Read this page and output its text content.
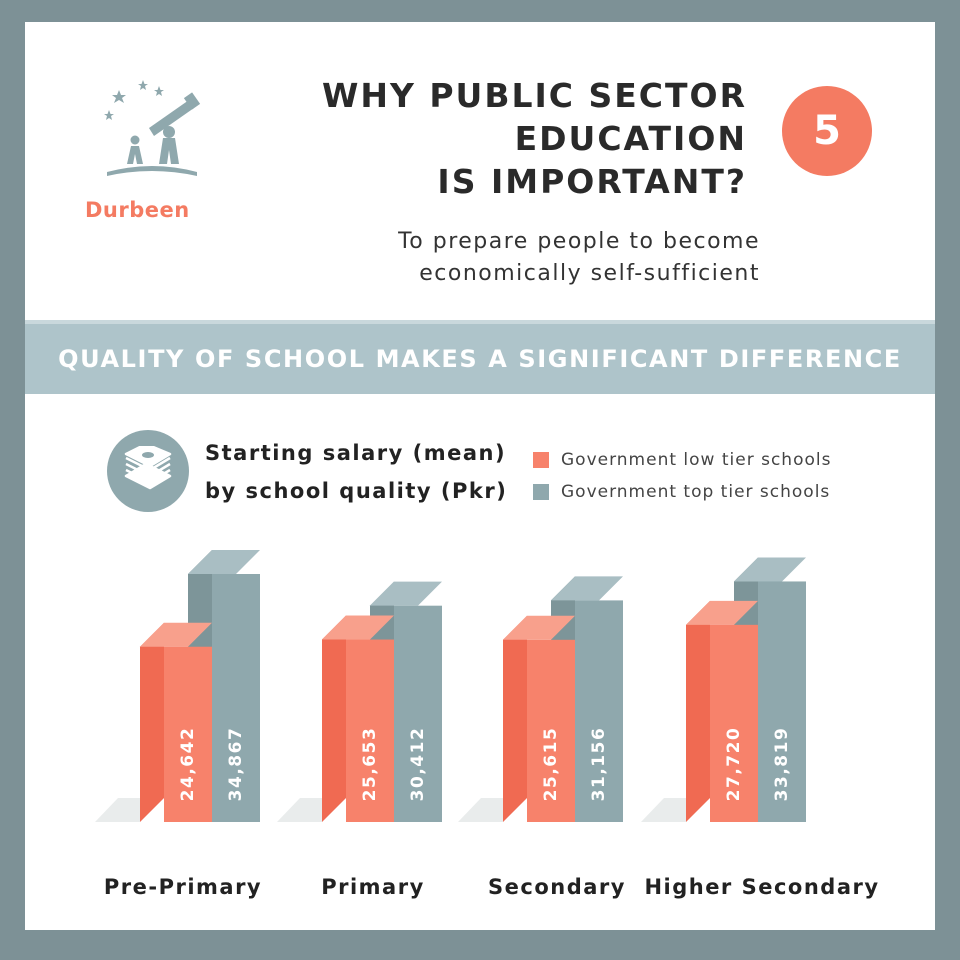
Durbeen
WHY PUBLIC SECTOR
EDUCATION
IS IMPORTANT?
5
To prepare people to become
economically self-sufficient
QUALITY OF SCHOOL MAKES A SIGNIFICANT DIFFERENCE
Starting salary (mean)
by school quality (Pkr)
Government low tier schools
Government top tier schools
34,867
24,642
Pre-Primary
30,412
25,653
Primary
31,156
25,615
Secondary
33,819
27,720
Higher Secondary
